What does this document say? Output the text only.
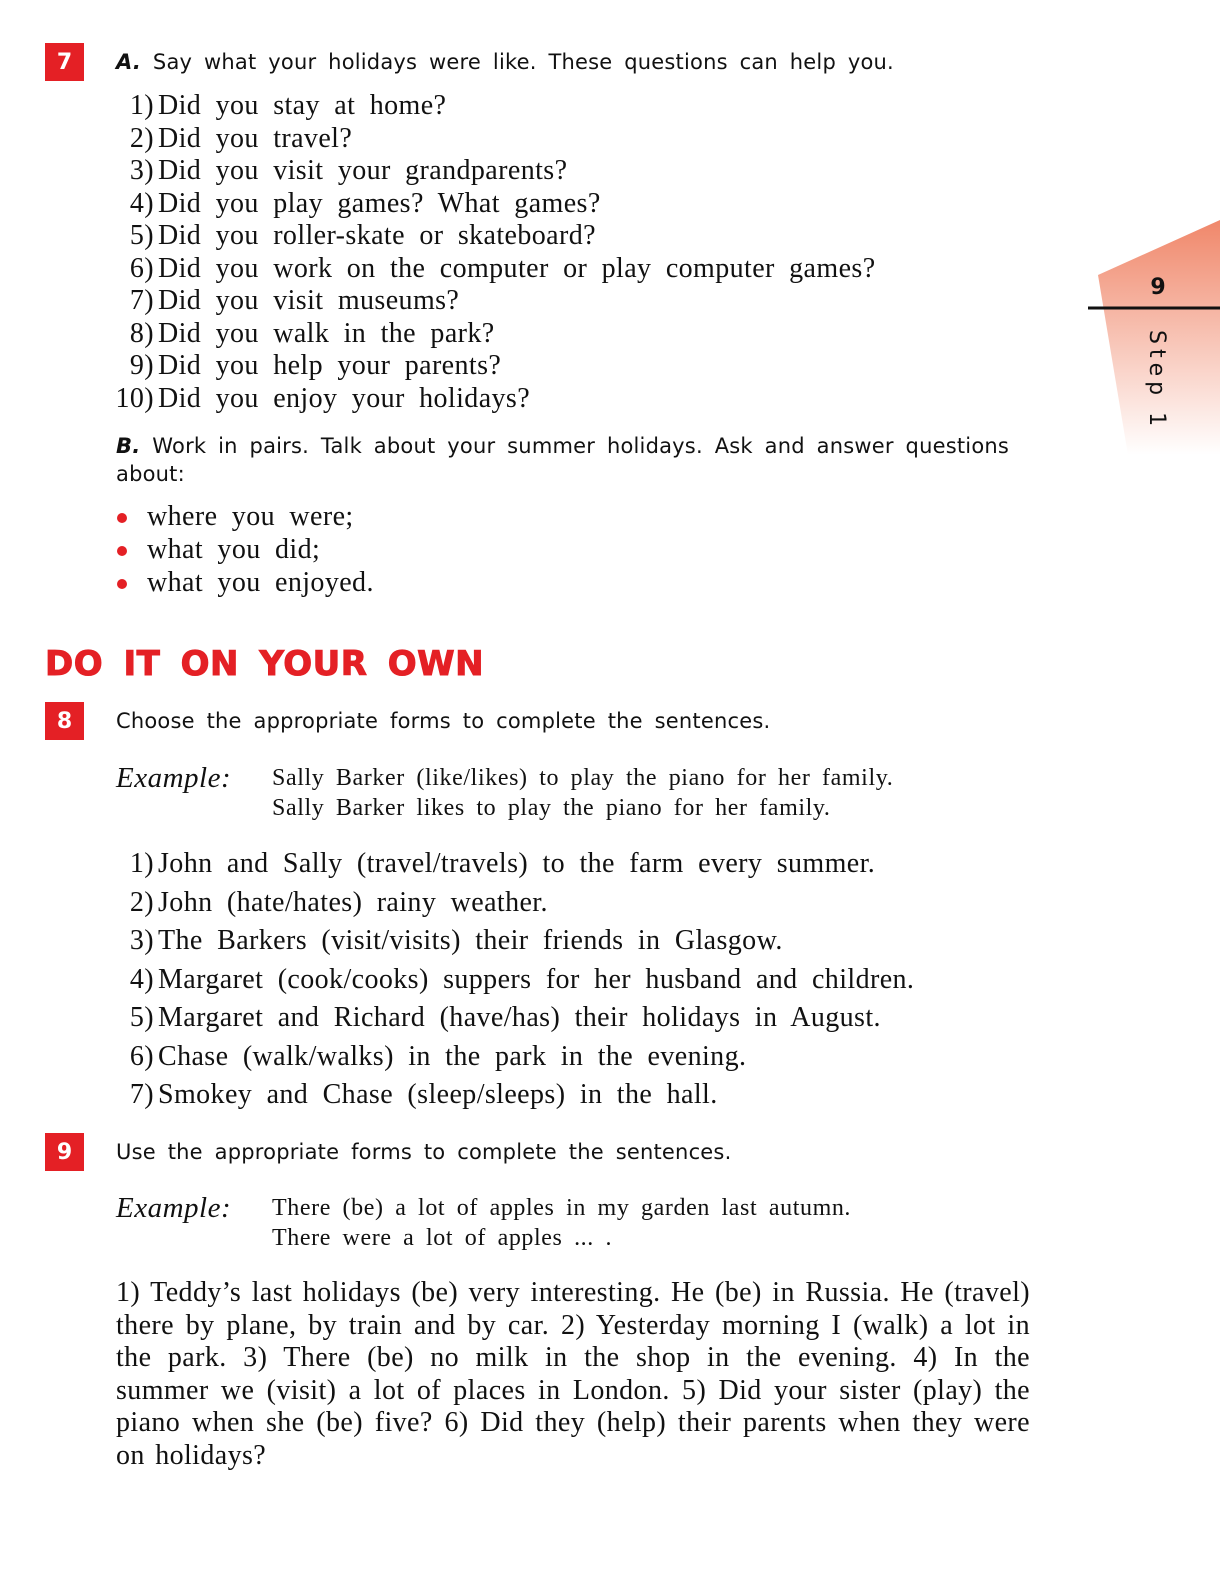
9
Step 1
7	A. Say what your holidays were like. These questions can help you.
1) Did you stay at home?
2) Did you travel?
3) Did you visit your grandparents?
4) Did you play games? What games?
5) Did you roller-skate or skateboard?
6) Did you work on the computer or play computer games?
7) Did you visit museums?
8) Did you walk in the park?
9) Did you help your parents?
10) Did you enjoy your holidays?
B. Work in pairs. Talk about your summer holidays. Ask and answer questions about:
where you were;
what you did;
what you enjoyed.
DO IT ON YOUR OWN
8	Choose the appropriate forms to complete the sentences.
Example: Sally Barker (like/likes) to play the piano for her family.
Sally Barker likes to play the piano for her family.
1) John and Sally (travel/travels) to the farm every summer.
2) John (hate/hates) rainy weather.
3) The Barkers (visit/visits) their friends in Glasgow.
4) Margaret (cook/cooks) suppers for her husband and children.
5) Margaret and Richard (have/has) their holidays in August.
6) Chase (walk/walks) in the park in the evening.
7) Smokey and Chase (sleep/sleeps) in the hall.
9	Use the appropriate forms to complete the sentences.
Example: There (be) a lot of apples in my garden last autumn.
There were a lot of apples ... .
1) Teddy’s last holidays (be) very interesting. He (be) in Russia. He (travel) there by plane, by train and by car. 2) Yesterday morning I (walk) a lot in the park. 3) There (be) no milk in the shop in the evening. 4) In the summer we (visit) a lot of places in London. 5) Did your sister (play) the piano when she (be) five? 6) Did they (help) their parents when they were on holidays?
